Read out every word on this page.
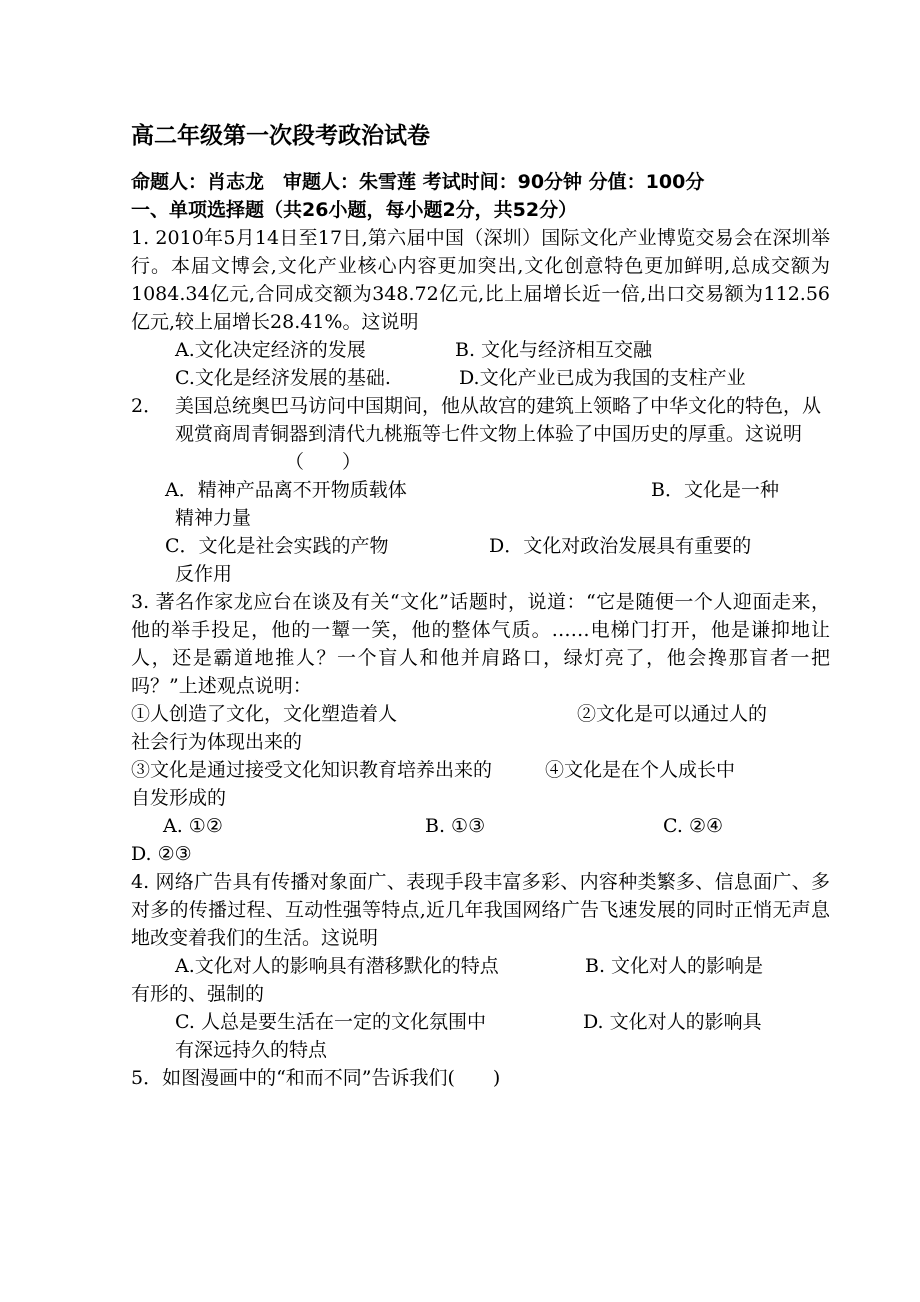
高二年级第一次段考政治试卷
命题人：肖志龙　审题人：朱雪莲 考试时间：90分钟 分值：100分
一、单项选择题（共26小题，每小题2分，共52分）

1. 2010年5月14日至17日,第六届中国（深圳）国际文化产业博览交易会在深圳举行。本届文博会,文化产业核心内容更加突出,文化创意特色更加鲜明,总成交额为1084.34亿元,合同成交额为348.72亿元,比上届增长近一倍,出口交易额为112.56亿元,较上届增长28.41%。这说明

A.文化决定经济的发展	B. 文化与经济相互交融
C.文化是经济发展的基础.	D.文化产业已成为我国的支柱产业
2． 美国总统奥巴马访问中国期间，他从故宫的建筑上领略了中华文化的特色，从观赏商周青铜器到清代九桃瓶等七件文物上体验了中国历史的厚重。这说明（　　）

A．精神产品离不开物质载体	B．文化是一种
精神力量
C．文化是社会实践的产物	D．文化对政治发展具有重要的
反作用

3. 著名作家龙应台在谈及有关“文化”话题时，说道：“它是随便一个人迎面走来，他的举手投足，他的一颦一笑，他的整体气质。……电梯门打开，他是谦抑地让人，还是霸道地推人？一个盲人和他并肩路口，绿灯亮了，他会搀那盲者一把吗？”上述观点说明：

①人创造了文化，文化塑造着人	②文化是可以通过人的
社会行为体现出来的
③文化是通过接受文化知识教育培养出来的	④文化是在个人成长中
自发形成的
A. ①②	B. ①③	C. ②④
D. ②③

4. 网络广告具有传播对象面广、表现手段丰富多彩、内容种类繁多、信息面广、多对多的传播过程、互动性强等特点,近几年我国网络广告飞速发展的同时正悄无声息地改变着我们的生活。这说明

A.文化对人的影响具有潜移默化的特点	B. 文化对人的影响是
有形的、强制的
C. 人总是要生活在一定的文化氛围中	D. 文化对人的影响具
有深远持久的特点

5．如图漫画中的“和而不同”告诉我们(　　)
